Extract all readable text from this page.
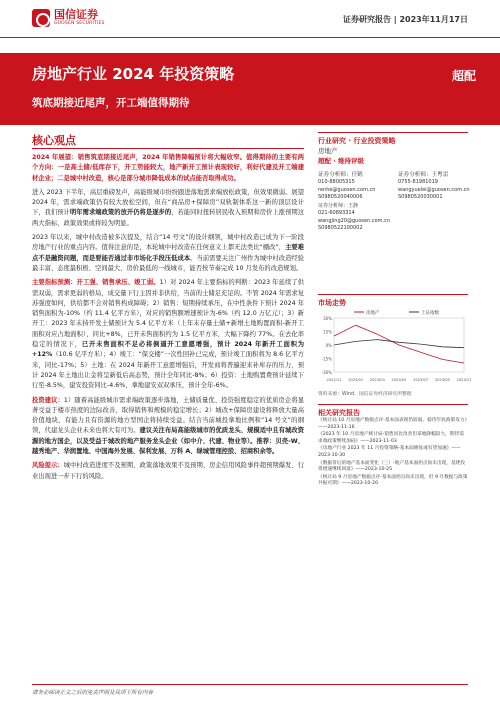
国信证券
GUOSEN SECURITIES	证券研究报告 | 2023年11月17日
房地产行业 2024 年投资策略
筑底期接近尾声，开工端值得期待
超配
核心观点

2024 年展望：销售筑底期接近尾声，2024 年销售降幅预计将大幅收窄。值得期待的主要有两个方向：一是高土储/低库存下，开工势能较大，地产新开工预计表现较好，利好代建及开工端建材企业；二是城中村改造，核心是部分城市降低成本的试点能否取得成功。

进入 2023 下半年，高层重磅发声，高能级城市纷纷跟进落地需求端放松政策，但效果微弱。展望 2024 年，需求端政策仍有较大放松空间，但在“商品房+保障房”双轨制体系这一新的顶层设计下，我们预计明年需求端政策的放开仍将是逐步的，若能同时扭转居民收入预期和房价上涨预期这两大指标，政策效果或将较为明显。

2023 年以来，城中村改造被多次提及，结合“14 号文”的设计纲领，城中村改造已成为下一阶段房地产行业的重点内容。值得注意的是，本轮城中村改造在任何意义上都无法类比“棚改”，主要难点不是融资问题，而是要能否通过非市场化手段压低成本。当前需要关注广州作为城中村改造经验最丰富、态度最积极、空间最大、房价最低的一线城市，能否按节奏完成 10 月发布的改造规划。

主要指标预测：开工强、销售承压、竣工弱。1）对 2024 年主要指标的判断：2023 年延续了供需双弱，需求更弱的格局，成交量下行主因并非供给，当前的土储足充足的。不管 2024 年需求复苏强度如何，供给都不会对销售构成障碍；2）销售：短期持续承压，在中性条件下预计 2024 年销售面积为-10%（约 11.4 亿平方米），对应的销售额增速预计为-6%（约 12.0 万亿元）；3）新开工：2023 年末持开发土储预计为 5.4 亿平方米（上年末存量土储+新增土地购置面积-新开工面积对应占地面积），同比+8%，已开未售面积约为 1.5 亿平方米，大幅下降约 77%。在去化率稳定的情况下，已开未售面积不足必将倒逼开工意愿增强，预计 2024 年新开工面积为+12%（10.6 亿平方米）；4）竣工：“保交楼”一次性回补已完成，预计竣工面积将为 8.6 亿平方米，同比-17%；5）土地：在 2024 年新开工意愿增强后，开发商将普遍迎来补库存的压力，预计 2024 年土地出让金将呈新低后高态势，预计全年同比-8%；6）投资：土地购置费预计延续下行至-8.5%，建安投资同比-4.6%，拿地建安双双承压，预计全年-6%。

投资建议：1）随着高能级城市需求端政策逐步落地，土储质量优、投资强度稳定的优质房企将显著受益于楼市热度的边际改善，取得销售和规模的稳定增长；2）城改+保障房建设将释放大量高价值地块，有能力且有资源的地方型国企将持续受益。结合当前城投拿地比例和“14 号文”的纲领，代建龙头企业未来也将大有可为。建议关注布局高能级城市的优质龙头、规模适中且有城改资源的地方国企，以及受益于城改的地产服务龙头企业（如中介、代建、物业等）。推荐：贝壳-W、越秀地产、华润置地、中国海外发展、保利发展、万科 A、绿城管理控股、招商积余等。

风险提示：城中村改造进度不及预期、政策落地效果不及预期、房企信用风险事件超预期爆发、行业出现进一步下行的风险。

行业研究 · 行业投资策略
房地产
超配 · 维持评级
证券分析师：任鹤
010-88005315
renhe@guosen.com.cn
S0980520040006
证券分析师：王粤雷
0755-81981019
wangyuelei@guosen.com.cn
S0980520030001
证券分析师：王静
021-60893314
wangjing20@guosen.com.cn
S0980522100002
市场走势
-30%
-15%
0%
15%
30%
2022/11 2023/01 2023/03 2023/05 2023/07 2023/09 2023/11
房地产	上证指数
资料来源：Wind、国信证券经济研究所整理
相关研究报告
《统计局 10 月房地产数据点评-基本面表现仍较弱，稳待年底政策发力》——2023-11-16
《2023 年 10 月房地产统计局-销售同比改善但拿地降幅较大，期待需求端政策继续加码》——2023-11-03
《房地产行业 2023 年 11 月投资策略-基本面修复或有望加速》——2023-10-30
《数据背后的地产基本面变化（三）-地产基本面拐点尚未出现，基建投资增速继续回落》——2023-10-25
《统计局 9 月房地产数据点评-基本面拐点尚未出现，但 9 月数据与政策共振可期》——2023-10-20
请务必阅读正文之后的免责声明及其项下所有内容
